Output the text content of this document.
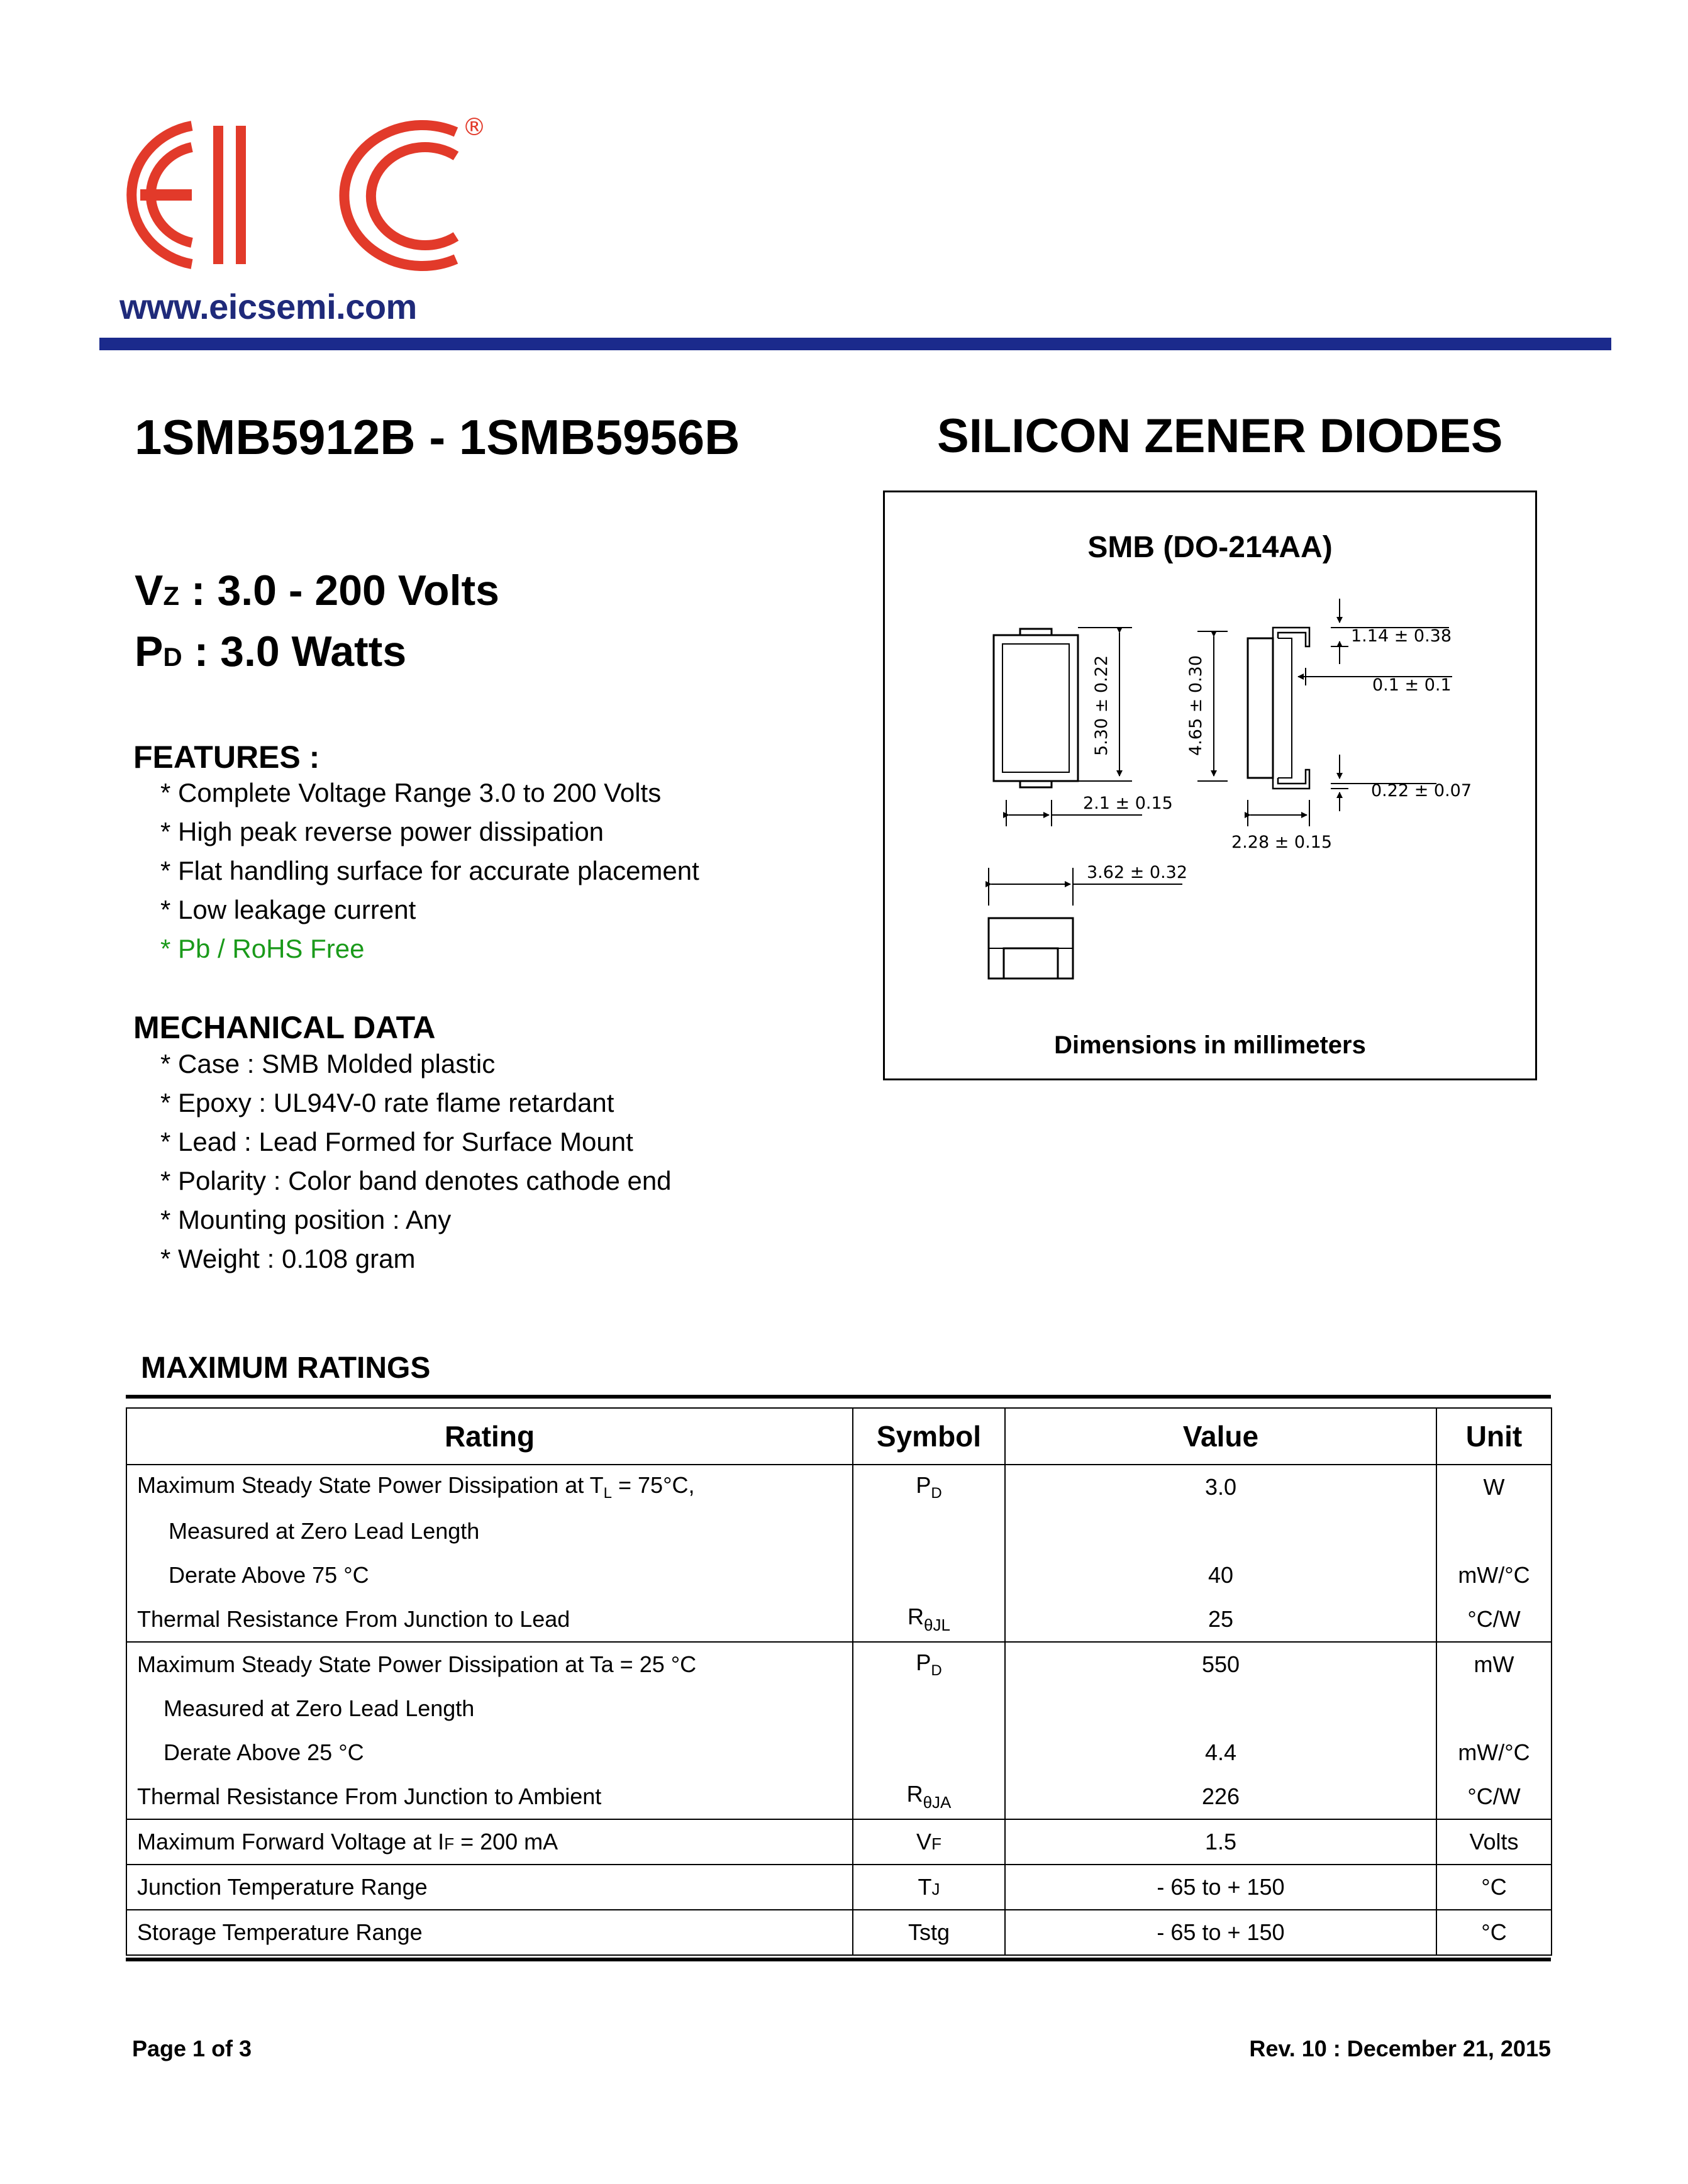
®
www.eicsemi.com
1SMB5912B - 1SMB5956B	SILICON ZENER DIODES
VZ : 3.0 - 200 Volts
PD : 3.0 Watts
FEATURES :
* Complete Voltage Range 3.0 to 200 Volts
* High peak reverse power dissipation
* Flat handling surface for accurate placement
* Low leakage current
* Pb / RoHS Free
MECHANICAL DATA
* Case : SMB Molded plastic
* Epoxy : UL94V-0 rate flame retardant
* Lead : Lead Formed for Surface Mount
* Polarity : Color band denotes cathode end
* Mounting position : Any
* Weight : 0.108 gram
SMB (DO-214AA)
5.30 ± 0.22	4.65 ± 0.30
1.14 ± 0.38
0.1 ± 0.1
0.22 ± 0.07
2.1 ± 0.15
2.28 ± 0.15
3.62 ± 0.32
Dimensions in millimeters
MAXIMUM RATINGS
Rating	Symbol	Value	Unit
Maximum Steady State Power Dissipation at $T_L = 75^\circ C$,	$P_D$	3.0	W
Measured at Zero Lead Length			
Derate Above 75 °C		40	mW/°C
Thermal Resistance From Junction to Lead	$R_{\theta JL}$	25	°C/W
Maximum Steady State Power Dissipation at Ta = 25 °C	$P_D$	550	mW
Measured at Zero Lead Length			
Derate Above 25 °C		4.4	mW/°C
Thermal Resistance From Junction to Ambient	$R_{\theta JA}$	226	°C/W
Maximum Forward Voltage at IF = 200 mA	VF	1.5	Volts
Junction Temperature Range	TJ	- 65 to + 150	°C
Storage Temperature Range	Tstg	- 65 to + 150	°C
Page 1 of 3	Rev. 10 : December 21, 2015
